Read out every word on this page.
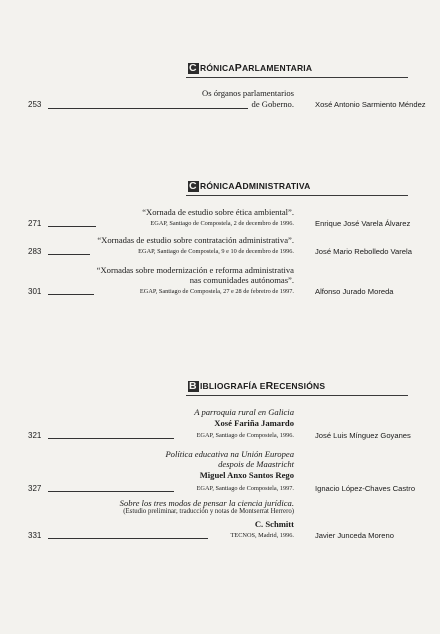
C RÓNICA P ARLAMENTARIA
Os órganos parlamentarios
de Goberno.
253	Xosé Antonio Sarmiento Méndez
C RÓNICA A DMINISTRATIVA
“Xornada de estudio sobre ética ambiental”.
271	EGAP, Santiago de Compostela, 2 de decembro de 1996.	Enrique José Varela Álvarez
“Xornadas de estudio sobre contratación administrativa”.
283	EGAP, Santiago de Compostela, 9 e 10 de decembro de 1996.	José Mario Rebolledo Varela
“Xornadas sobre modernización e reforma administrativa
nas comunidades autónomas”.
301	EGAP, Santiago de Compostela, 27 e 28 de febreiro de 1997.	Alfonso Jurado Moreda
B IBLIOGRAFÍA E R ECENSIÓNS
A parroquia rural en Galicia
Xosé Fariña Jamardo
321	EGAP, Santiago de Compostela, 1996.	José Luis Mínguez Goyanes
Política educativa na Unión Europea
despois de Maastricht
Miguel Anxo Santos Rego
327	EGAP, Santiago de Compostela, 1997.	Ignacio López-Chaves Castro
Sobre los tres modos de pensar la ciencia jurídica.
(Estudio preliminar, traducción y notas de Montserrat Herrero)
C. Schmitt
331	TECNOS, Madrid, 1996.	Javier Junceda Moreno
